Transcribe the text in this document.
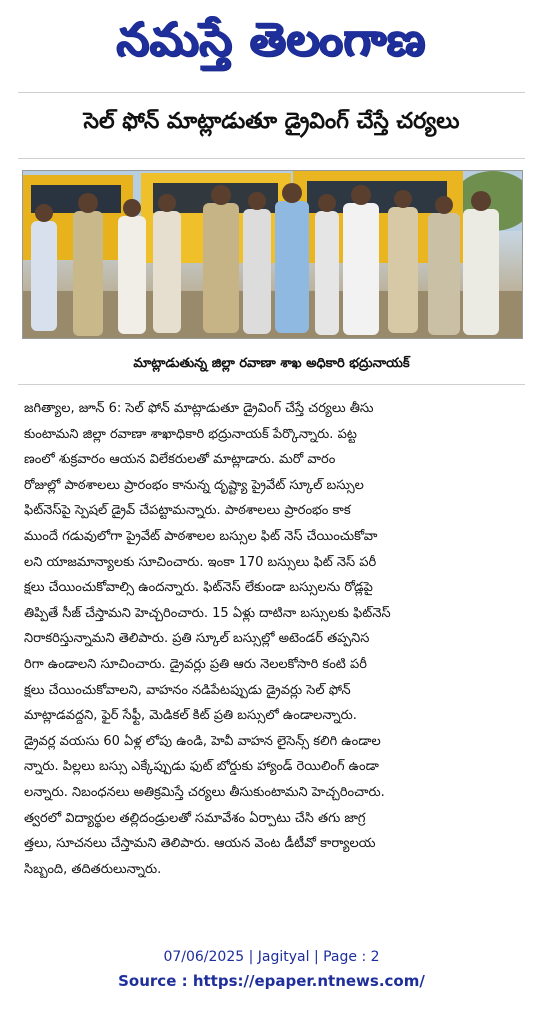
నమస్తే తెలంగాణ
సెల్‌ ఫోన్‌ మాట్లాడుతూ డ్రైవింగ్‌ చేస్తే చర్యలు
మాట్లాడుతున్న జిల్లా రవాణా శాఖ అధికారి భద్రునాయక్‌
జగిత్యాల, జూన్‌ 6: సెల్‌ ఫోన్‌ మాట్లాడుతూ డ్రైవింగ్‌ చేస్తే చర్యలు తీసు
కుంటామని జిల్లా రవాణా శాఖాధికారి భద్రునాయక్‌ పేర్కొన్నారు. పట్ట
ణంలో శుక్రవారం ఆయన విలేకరులతో మాట్లాడారు. మరో వారం
రోజుల్లో పాఠశాలలు ప్రారంభం కానున్న దృష్ట్యా ప్రైవేట్‌ స్కూల్‌ బస్సుల
ఫిట్‌నెస్‌పై స్పెషల్‌ డ్రైవ్‌ చేపట్టామన్నారు. పాఠశాలలు ప్రారంభం కాక
ముందే గడువులోగా ప్రైవేట్‌ పాఠశాలల బస్సుల ఫిట్‌ నెస్‌ చేయించుకోవా
లని యాజమాన్యాలకు సూచించారు. ఇంకా 170 బస్సులు ఫిట్‌ నెస్‌ పరీ
క్షలు చేయించుకోవాల్సి ఉందన్నారు. ఫిట్‌నెస్‌ లేకుండా బస్సులను రోడ్లపై
తిప్పితే సీజ్‌ చేస్తామని హెచ్చరించారు. 15 ఏళ్లు దాటినా బస్సులకు ఫిట్‌నెస్‌
నిరాకరిస్తున్నామని తెలిపారు. ప్రతి స్కూల్‌ బస్సుల్లో అటెండర్‌ తప్పనిస
రిగా ఉండాలని సూచించారు. డ్రైవర్లు ప్రతి ఆరు నెలలకోసారి కంటి పరీ
క్షలు చేయించుకోవాలని, వాహనం నడిపేటప్పుడు డ్రైవర్లు సెల్‌ ఫోన్‌
మాట్లాడవద్దని, ఫైర్‌ సేఫ్టీ, మెడికల్‌ కిట్‌ ప్రతి బస్సులో ఉండాలన్నారు.
డ్రైవర్ల వయసు 60 ఏళ్ల లోపు ఉండి, హెవీ వాహన లైసెన్స్‌ కలిగి ఉండాల
న్నారు. పిల్లలు బస్సు ఎక్కేప్పుడు ఫుట్‌ బోర్డుకు హ్యాండ్‌ రెయిలింగ్‌ ఉండా
లన్నారు. నిబంధనలు అతిక్రమిస్తే చర్యలు తీసుకుంటామని హెచ్చరించారు.
త్వరలో విద్యార్థుల తల్లిదండ్రులతో సమావేశం ఏర్పాటు చేసి తగు జాగ్ర
త్తలు, సూచనలు చేస్తామని తెలిపారు. ఆయన వెంట డీటీవో కార్యాలయ
సిబ్బంది, తదితరులున్నారు.
07/06/2025 | Jagityal | Page : 2
Source : https://epaper.ntnews.com/
